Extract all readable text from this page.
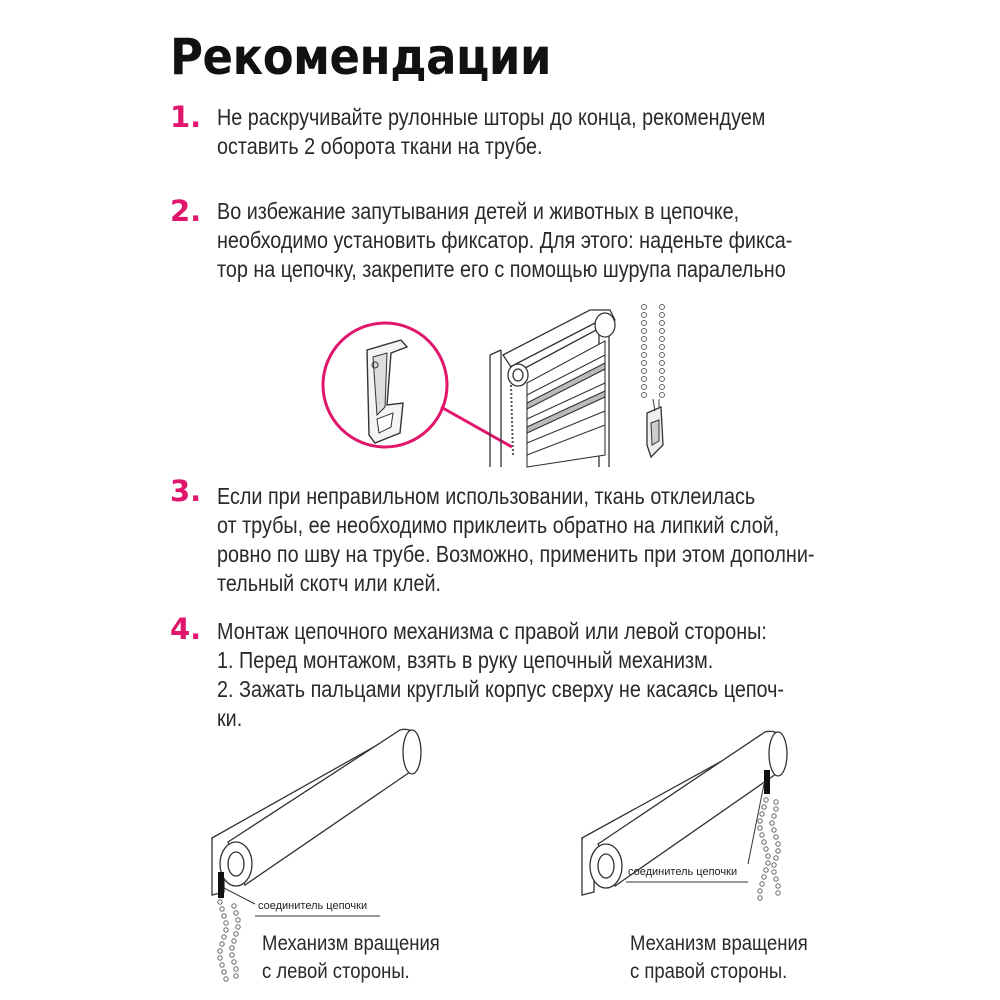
Рекомендации
1. Не раскручивайте рулонные шторы до конца, рекомендуем
оставить 2 оборота ткани на трубе.
2. Во избежание запутывания детей и животных в цепочке,
необходимо установить фиксатор. Для этого: наденьте фикса-
тор на цепочку, закрепите его с помощью шурупа паралельно
3. Если при неправильном использовании, ткань отклеилась
от трубы, ее необходимо приклеить обратно на липкий слой,
ровно по шву на трубе. Возможно, применить при этом дополни-
тельный скотч или клей.
4. Монтаж цепочного механизма с правой или левой стороны:
1. Перед монтажом, взять в руку цепочный механизм.
2. Зажать пальцами круглый корпус сверху не касаясь цепоч-
ки.
соединитель цепочки
Механизм вращения
с левой стороны.
соединитель цепочки
Механизм вращения
с правой стороны.
